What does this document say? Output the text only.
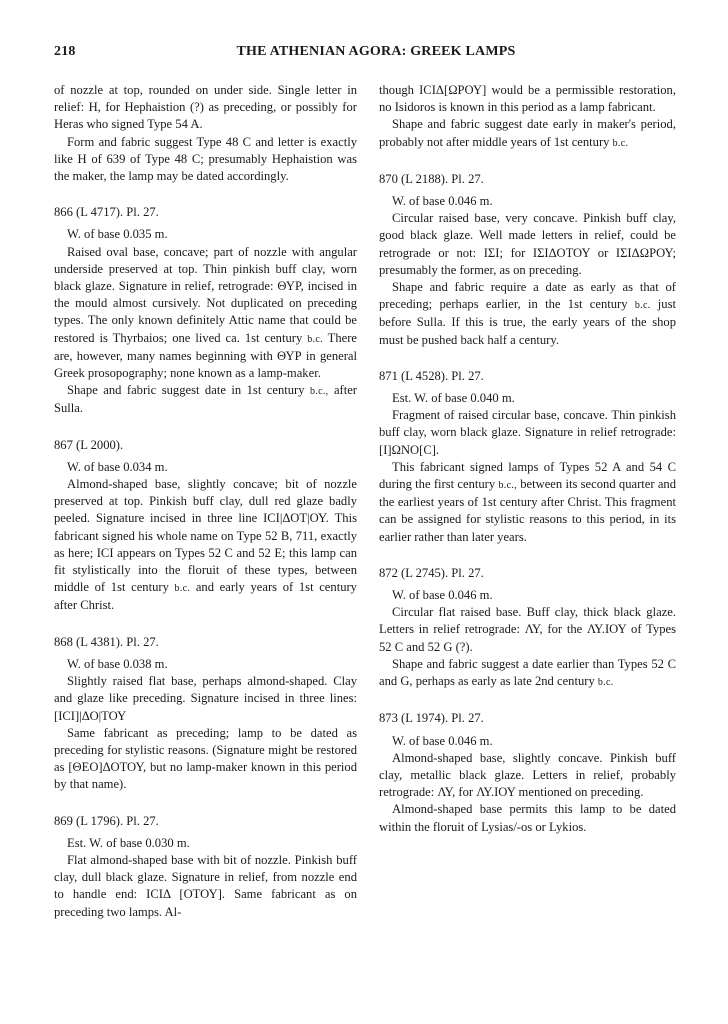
218	THE ATHENIAN AGORA: GREEK LAMPS

of nozzle at top, rounded on under side. Single letter in relief: Η, for Hephaistion (?) as preceding, or possibly for Heras who signed Type 54 A.

Form and fabric suggest Type 48 C and letter is exactly like Η of 639 of Type 48 C; presumably Hephaistion was the maker, the lamp may be dated accordingly.

866 (L 4717). Pl. 27.

W. of base 0.035 m.

Raised oval base, concave; part of nozzle with angular underside preserved at top. Thin pinkish buff clay, worn black glaze. Signature in relief, retrograde: ΘΥΡ, incised in the mould almost cursively. Not duplicated on preceding types. The only known definitely Attic name that could be restored is Thyrbaios; one lived ca. 1st century b.c. There are, however, many names beginning with ΘΥΡ in general Greek prosopography; none known as a lamp-maker.

Shape and fabric suggest date in 1st century b.c., after Sulla.

867 (L 2000).

W. of base 0.034 m.

Almond-shaped base, slightly concave; bit of nozzle preserved at top. Pinkish buff clay, dull red glaze badly peeled. Signature incised in three line ΙCΙ|ΔΟΤ|ΟΥ. This fabricant signed his whole name on Type 52 B, 711, exactly as here; ΙCΙ appears on Types 52 C and 52 E; this lamp can fit stylistically into the floruit of these types, between middle of 1st century b.c. and early years of 1st century after Christ.

868 (L 4381). Pl. 27.

W. of base 0.038 m.

Slightly raised flat base, perhaps almond-shaped. Clay and glaze like preceding. Signature incised in three lines: [ΙCΙ]|ΔΟ|ΤΟΥ

Same fabricant as preceding; lamp to be dated as preceding for stylistic reasons. (Signature might be restored as [ΘΕΟ]ΔΟΤΟΥ, but no lamp-maker known in this period by that name).

869 (L 1796). Pl. 27.

Est. W. of base 0.030 m.

Flat almond-shaped base with bit of nozzle. Pinkish buff clay, dull black glaze. Signature in relief, from nozzle end to handle end: ΙCΙΔ [ΟΤΟΥ]. Same fabricant as on preceding two lamps. Al-

though ΙCΙΔ[ΩΡΟΥ] would be a permissible restoration, no Isidoros is known in this period as a lamp fabricant.

Shape and fabric suggest date early in maker's period, probably not after middle years of 1st century b.c.

870 (L 2188). Pl. 27.

W. of base 0.046 m.

Circular raised base, very concave. Pinkish buff clay, good black glaze. Well made letters in relief, could be retrograde or not: ΙΣΙ; for ΙΣΙΔΟΤΟΥ or ΙΣΙΔΩΡΟΥ; presumably the former, as on preceding.

Shape and fabric require a date as early as that of preceding; perhaps earlier, in the 1st century b.c. just before Sulla. If this is true, the early years of the shop must be pushed back half a century.

871 (L 4528). Pl. 27.

Est. W. of base 0.040 m.

Fragment of raised circular base, concave. Thin pinkish buff clay, worn black glaze. Signature in relief retrograde: [Ι]ΩΝΟ[C].

This fabricant signed lamps of Types 52 A and 54 C during the first century b.c., between its second quarter and the earliest years of 1st century after Christ. This fragment can be assigned for stylistic reasons to this period, in its earlier rather than later years.

872 (L 2745). Pl. 27.

W. of base 0.046 m.

Circular flat raised base. Buff clay, thick black glaze. Letters in relief retrograde: ΛΥ, for the ΛΥ.ΙΟΥ of Types 52 C and 52 G (?).

Shape and fabric suggest a date earlier than Types 52 C and G, perhaps as early as late 2nd century b.c.

873 (L 1974). Pl. 27.

W. of base 0.046 m.

Almond-shaped base, slightly concave. Pinkish buff clay, metallic black glaze. Letters in relief, probably retrograde: ΛΥ, for ΛΥ.ΙΟΥ mentioned on preceding.

Almond-shaped base permits this lamp to be dated within the floruit of Lysias/-os or Lykios.
